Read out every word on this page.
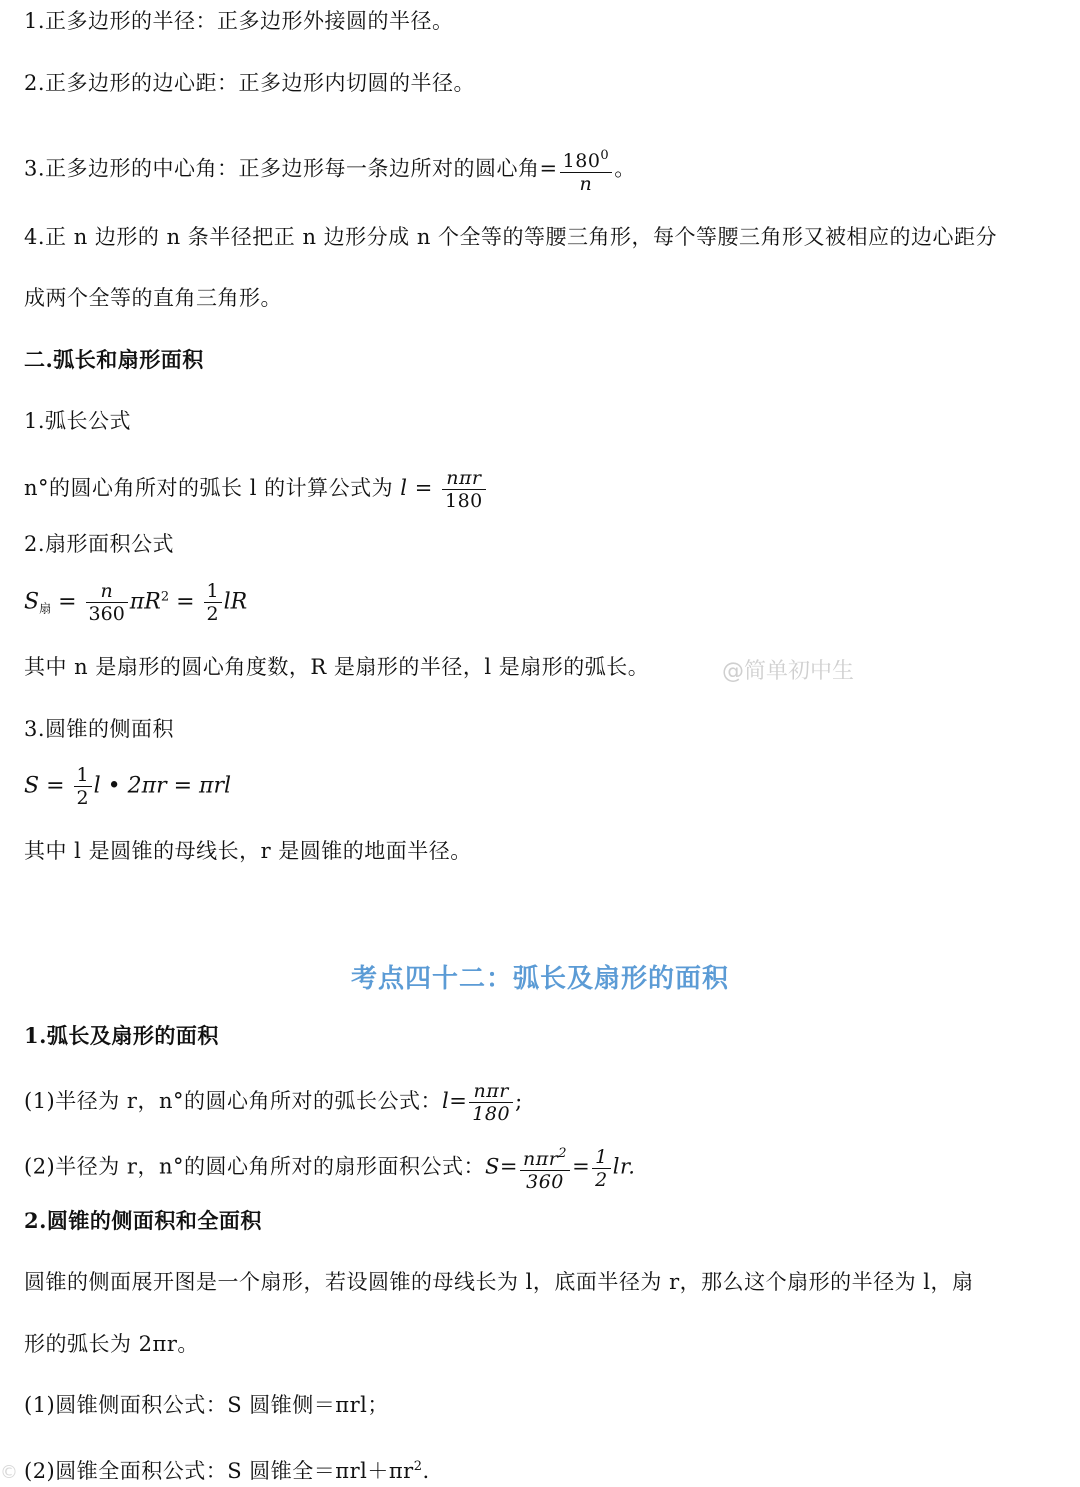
1.正多边形的半径：正多边形外接圆的半径。
2.正多边形的边心距：正多边形内切圆的半径。
3.正多边形的中心角：正多边形每一条边所对的圆心角= $\frac{180^0}{n}$ 。
4.正 n 边形的 n 条半径把正 n 边形分成 n 个全等的等腰三角形，每个等腰三角形又被相应的边心距分
成两个全等的直角三角形。
二.弧长和扇形面积
1.弧长公式
n°的圆心角所对的弧长 l 的计算公式为 $l = \frac{\text{nπr}}{180}$
2.扇形面积公式
$S_扇 = \frac{n}{360} \pi R^2 = \frac{1}{2}$ lR
其中 n 是扇形的圆心角度数，R 是扇形的半径，l 是扇形的弧长。	@简单初中生
3.圆锥的侧面积
$S = \frac{1}{2}$ l • 2πr = πrl
其中 l 是圆锥的母线长，r 是圆锥的地面半径。
考点四十二：弧长及扇形的面积
1.弧长及扇形的面积
(1)半径为 r，n°的圆心角所对的弧长公式：$l= \frac{\text{nπr}}{180}$ ;
(2)半径为 r，n°的圆心角所对的扇形面积公式：$S= \frac{n\pi r^2}{360} = \frac{1}{2}$ lr.
2.圆锥的侧面积和全面积
圆锥的侧面展开图是一个扇形，若设圆锥的母线长为 l，底面半径为 r，那么这个扇形的半径为 l，扇
形的弧长为 2πr。
(1)圆锥侧面积公式：S 圆锥侧＝πrl；
(2)圆锥全面积公式：S 圆锥全$=\pi rl+\pi r^2$.
©
